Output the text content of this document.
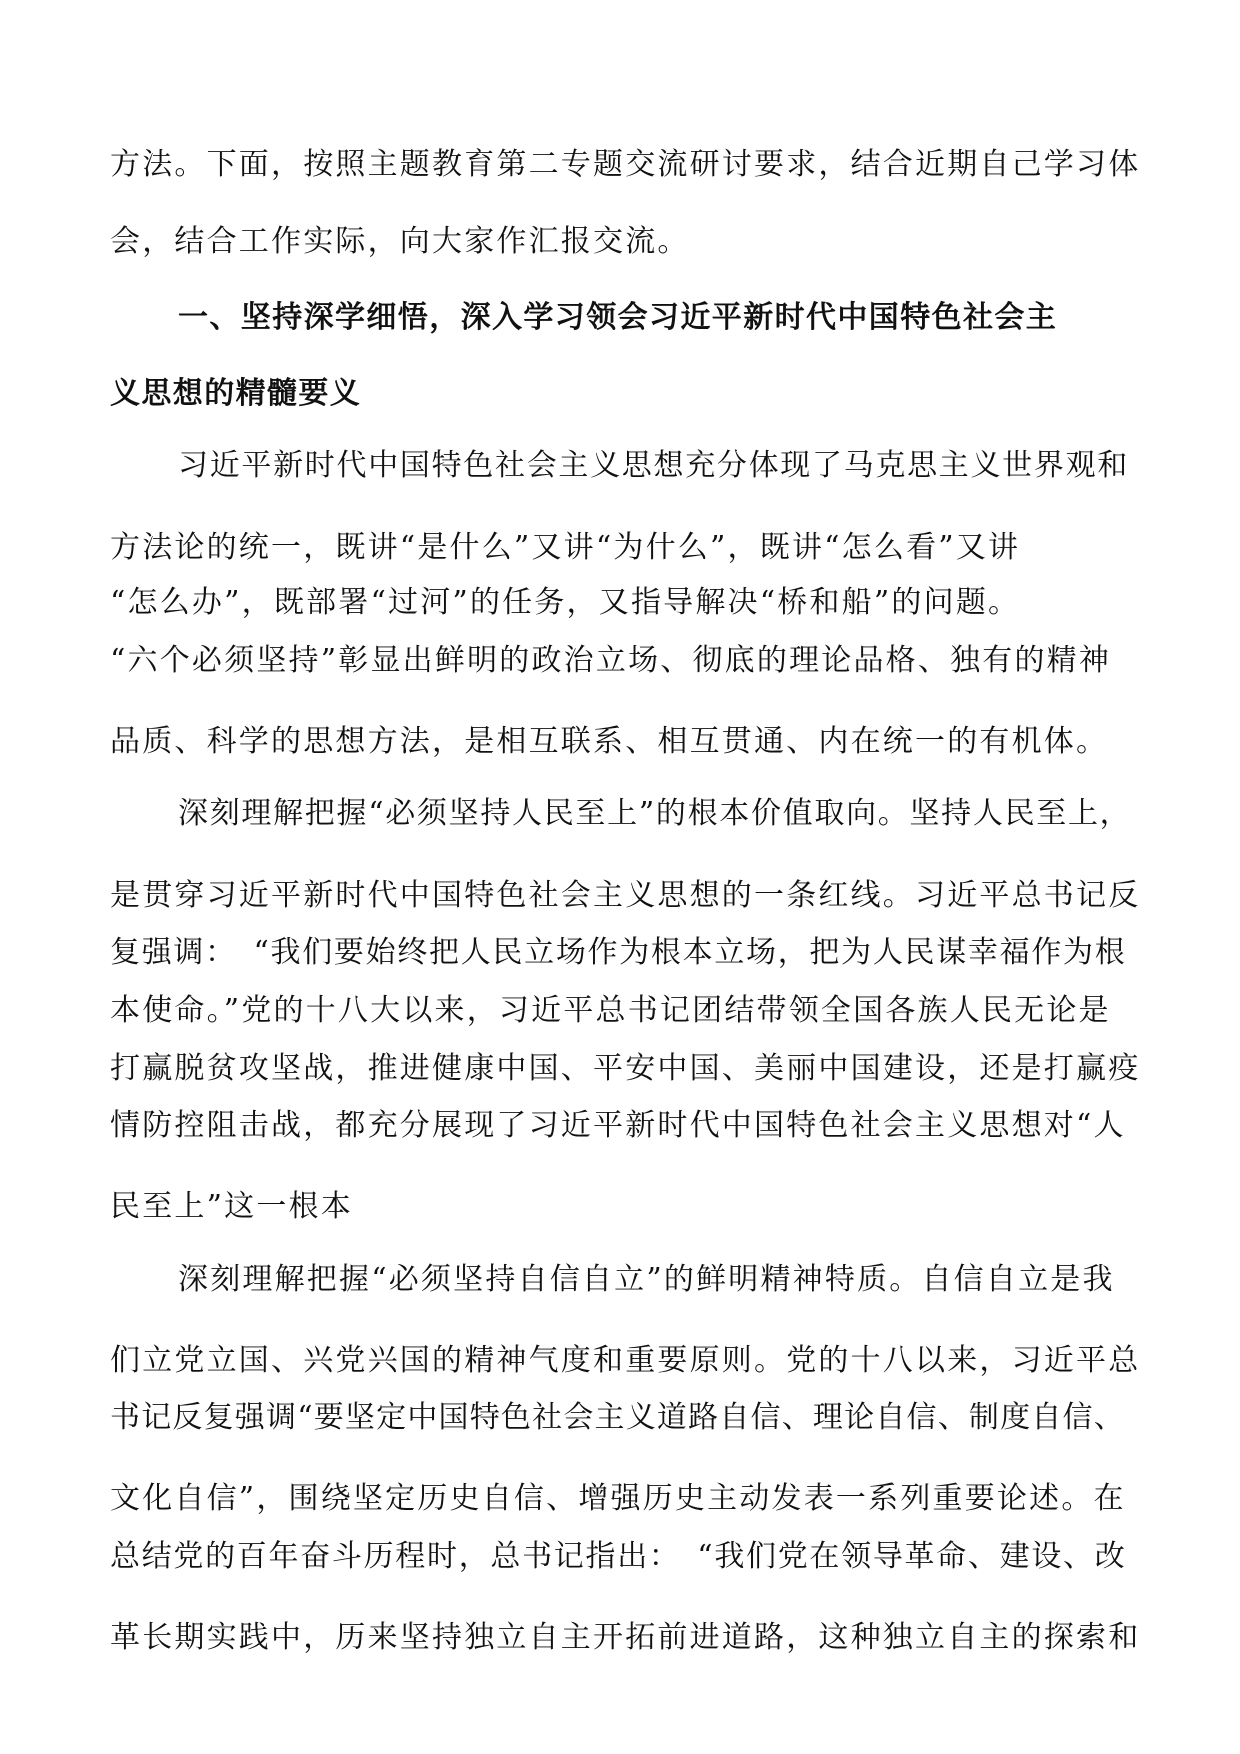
方法。下面，按照主题教育第二专题交流研讨要求，结合近期自己学习体
会，结合工作实际，向大家作汇报交流。
一、坚持深学细悟，深入学习领会习近平新时代中国特色社会主
义思想的精髓要义
习近平新时代中国特色社会主义思想充分体现了马克思主义世界观和
方法论的统一，既讲“是什么”又讲“为什么”，既讲“怎么看”又讲
“怎么办”，既部署“过河”的任务，又指导解决“桥和船”的问题。
“六个必须坚持”彰显出鲜明的政治立场、彻底的理论品格、独有的精神
品质、科学的思想方法，是相互联系、相互贯通、内在统一的有机体。
深刻理解把握“必须坚持人民至上”的根本价值取向。坚持人民至上，
是贯穿习近平新时代中国特色社会主义思想的一条红线。习近平总书记反
复强调：　“我们要始终把人民立场作为根本立场，把为人民谋幸福作为根
本使命。”党的十八大以来，习近平总书记团结带领全国各族人民无论是
打赢脱贫攻坚战，推进健康中国、平安中国、美丽中国建设，还是打赢疫
情防控阻击战，都充分展现了习近平新时代中国特色社会主义思想对“人
民至上”这一根本
深刻理解把握“必须坚持自信自立”的鲜明精神特质。自信自立是我
们立党立国、兴党兴国的精神气度和重要原则。党的十八以来，习近平总
书记反复强调“要坚定中国特色社会主义道路自信、理论自信、制度自信、
文化自信”，围绕坚定历史自信、增强历史主动发表一系列重要论述。在
总结党的百年奋斗历程时，总书记指出：　“我们党在领导革命、建设、改
革长期实践中，历来坚持独立自主开拓前进道路，这种独立自主的探索和
